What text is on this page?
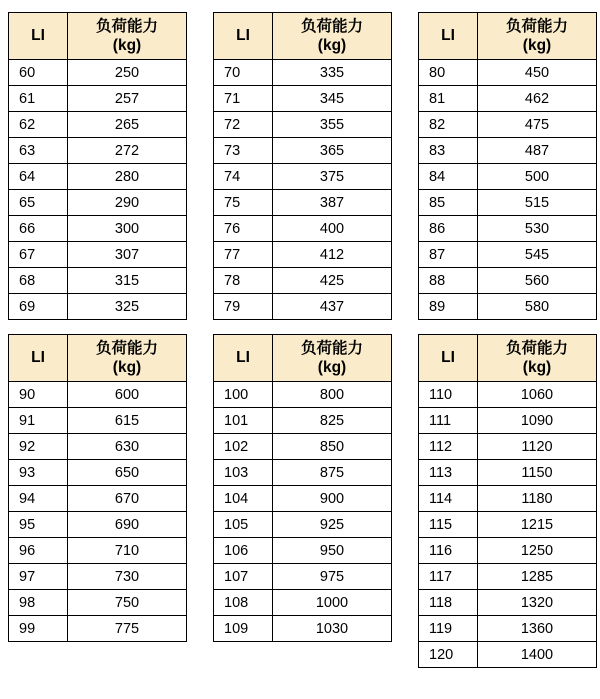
LI	负荷能力
(kg)

60	250
61	257
62	265
63	272
64	280
65	290
66	300
67	307
68	315
69	325
LI	负荷能力
(kg)

70	335
71	345
72	355
73	365
74	375
75	387
76	400
77	412
78	425
79	437
LI	负荷能力
(kg)

80	450
81	462
82	475
83	487
84	500
85	515
86	530
87	545
88	560
89	580
LI	负荷能力
(kg)

90	600
91	615
92	630
93	650
94	670
95	690
96	710
97	730
98	750
99	775
LI	负荷能力
(kg)

100	800
101	825
102	850
103	875
104	900
105	925
106	950
107	975
108	1000
109	1030
LI	负荷能力
(kg)

110	1060
111	1090
112	1120
113	1150
114	1180
115	1215
116	1250
117	1285
118	1320
119	1360
120	1400
